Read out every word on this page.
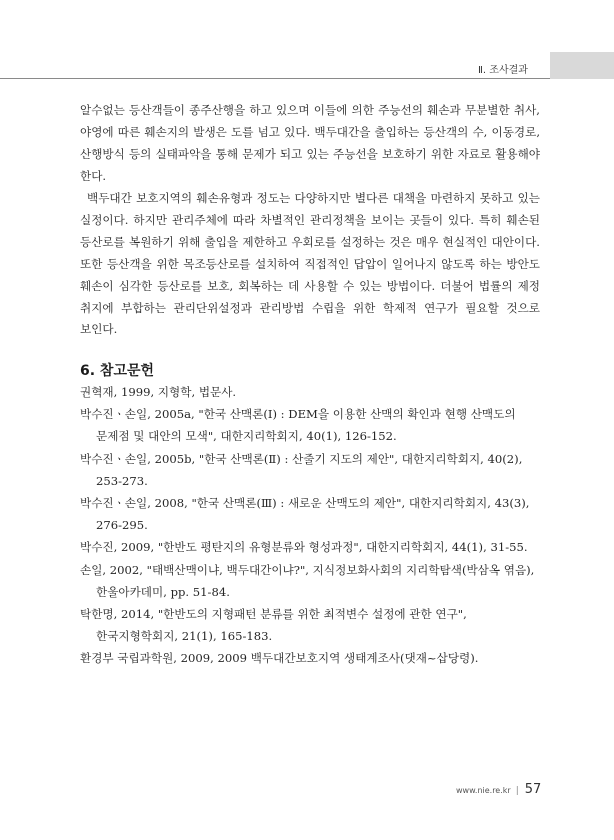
Ⅱ. 조사결과

알수없는 등산객들이 종주산행을 하고 있으며 이들에 의한 주능선의 훼손과 무분별한 취사, 야영에 따른 훼손지의 발생은 도를 넘고 있다. 백두대간을 출입하는 등산객의 수, 이동경로, 산행방식 등의 실태파악을 통해 문제가 되고 있는 주능선을 보호하기 위한 자료로 활용해야 한다.

백두대간 보호지역의 훼손유형과 정도는 다양하지만 별다른 대책을 마련하지 못하고 있는 실정이다. 하지만 관리주체에 따라 차별적인 관리정책을 보이는 곳들이 있다. 특히 훼손된 등산로를 복원하기 위해 출입을 제한하고 우회로를 설정하는 것은 매우 현실적인 대안이다. 또한 등산객을 위한 목조등산로를 설치하여 직접적인 답압이 일어나지 않도록 하는 방안도 훼손이 심각한 등산로를 보호, 회복하는 데 사용할 수 있는 방법이다. 더불어 법률의 제정 취지에 부합하는 관리단위설정과 관리방법 수립을 위한 학제적 연구가 필요할 것으로 보인다.

6. 참고문헌
권혁재, 1999, 지형학, 법문사.
박수진ㆍ손일, 2005a, "한국 산맥론(Ⅰ) : DEM을 이용한 산맥의 확인과 현행 산맥도의 문제점 및 대안의 모색", 대한지리학회지, 40(1), 126-152.
박수진ㆍ손일, 2005b, "한국 산맥론(Ⅱ) : 산줄기 지도의 제안", 대한지리학회지, 40(2), 253-273.
박수진ㆍ손일, 2008, "한국 산맥론(Ⅲ) : 새로운 산맥도의 제안", 대한지리학회지, 43(3), 276-295.
박수진, 2009, "한반도 평탄지의 유형분류와 형성과정", 대한지리학회지, 44(1), 31-55.
손일, 2002, "태백산맥이냐, 백두대간이냐?", 지식정보화사회의 지리학탐색(박삼옥 엮음), 한울아카데미, pp. 51-84.
탁한명, 2014, "한반도의 지형패턴 분류를 위한 최적변수 설정에 관한 연구", 한국지형학회지, 21(1), 165-183.
환경부 국립과학원, 2009, 2009 백두대간보호지역 생태계조사(댓재~삽당령).
www.nie.re.kr | 57
